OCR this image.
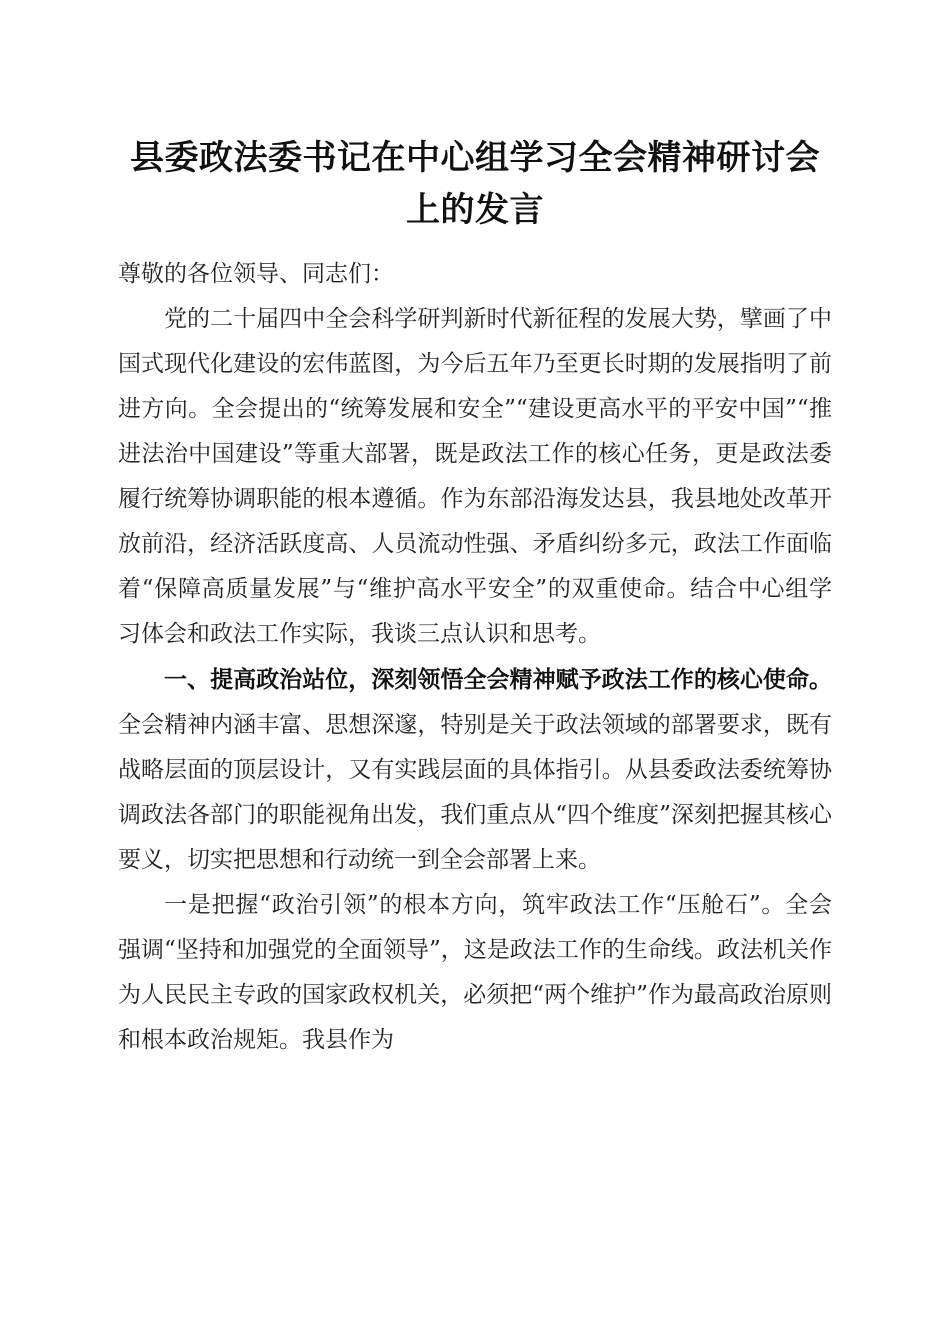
县委政法委书记在中心组学习全会精神研讨会
上的发言

尊敬的各位领导、同志们：

党的二十届四中全会科学研判新时代新征程的发展大势，擘画了中国式现代化建设的宏伟蓝图，为今后五年乃至更长时期的发展指明了前进方向。全会提出的“统筹发展和安全”“建设更高水平的平安中国”“推进法治中国建设”等重大部署，既是政法工作的核心任务，更是政法委履行统筹协调职能的根本遵循。作为东部沿海发达县，我县地处改革开放前沿，经济活跃度高、人员流动性强、矛盾纠纷多元，政法工作面临着“保障高质量发展”与“维护高水平安全”的双重使命。结合中心组学习体会和政法工作实际，我谈三点认识和思考。

一、提高政治站位，深刻领悟全会精神赋予政法工作的核心使命。全会精神内涵丰富、思想深邃，特别是关于政法领域的部署要求，既有战略层面的顶层设计，又有实践层面的具体指引。从县委政法委统筹协调政法各部门的职能视角出发，我们重点从“四个维度”深刻把握其核心要义，切实把思想和行动统一到全会部署上来。

一是把握“政治引领”的根本方向，筑牢政法工作“压舱石”。全会强调“坚持和加强党的全面领导”，这是政法工作的生命线。政法机关作为人民民主专政的国家政权机关，必须把“两个维护”作为最高政治原则和根本政治规矩。我县作为
